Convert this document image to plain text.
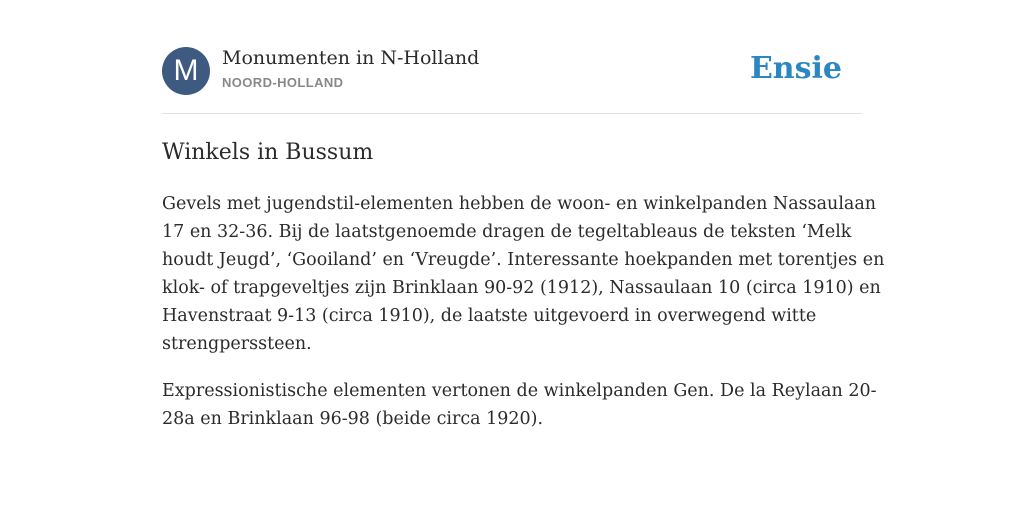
M	Monumenten in N-Holland
NOORD-HOLLAND	Ensie
Winkels in Bussum

Gevels met jugendstil-elementen hebben de woon- en winkelpanden Nassaulaan
17 en 32-36. Bij de laatstgenoemde dragen de tegeltableaus de teksten ‘Melk
houdt Jeugd’, ‘Gooiland’ en ‘Vreugde’. Interessante hoekpanden met torentjes en
klok- of trapgeveltjes zijn Brinklaan 90-92 (1912), Nassaulaan 10 (circa 1910) en
Havenstraat 9-13 (circa 1910), de laatste uitgevoerd in overwegend witte
strengperssteen.

Expressionistische elementen vertonen de winkelpanden Gen. De la Reylaan 20-
28a en Brinklaan 96-98 (beide circa 1920).
